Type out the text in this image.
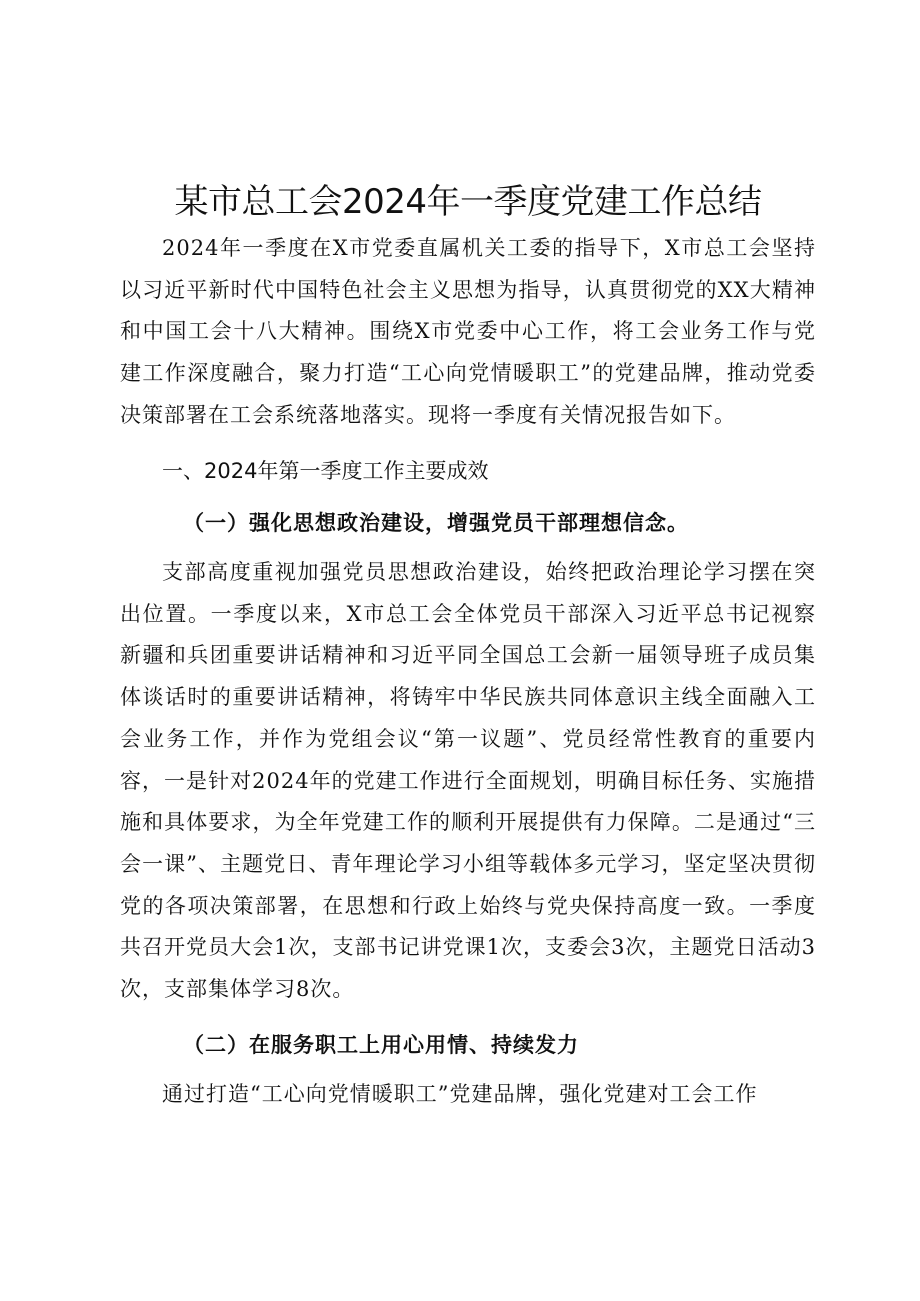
某市总工会2024年一季度党建工作总结

2024年一季度在X市党委直属机关工委的指导下，X市总工会坚持以习近平新时代中国特色社会主义思想为指导，认真贯彻党的XX大精神和中国工会十八大精神。围绕X市党委中心工作，将工会业务工作与党建工作深度融合，聚力打造“工心向党情暖职工”的党建品牌，推动党委决策部署在工会系统落地落实。现将一季度有关情况报告如下。

一、2024年第一季度工作主要成效
（一）强化思想政治建设，增强党员干部理想信念。

支部高度重视加强党员思想政治建设，始终把政治理论学习摆在突出位置。一季度以来，X市总工会全体党员干部深入习近平总书记视察新疆和兵团重要讲话精神和习近平同全国总工会新一届领导班子成员集体谈话时的重要讲话精神，将铸牢中华民族共同体意识主线全面融入工会业务工作，并作为党组会议“第一议题”、党员经常性教育的重要内容，一是针对2024年的党建工作进行全面规划，明确目标任务、实施措施和具体要求，为全年党建工作的顺利开展提供有力保障。二是通过“三会一课”、主题党日、青年理论学习小组等载体多元学习，坚定坚决贯彻党的各项决策部署，在思想和行政上始终与党央保持高度一致。一季度共召开党员大会1次，支部书记讲党课1次，支委会3次，主题党日活动3次，支部集体学习8次。

（二）在服务职工上用心用情、持续发力

通过打造“工心向党情暖职工”党建品牌，强化党建对工会工作
